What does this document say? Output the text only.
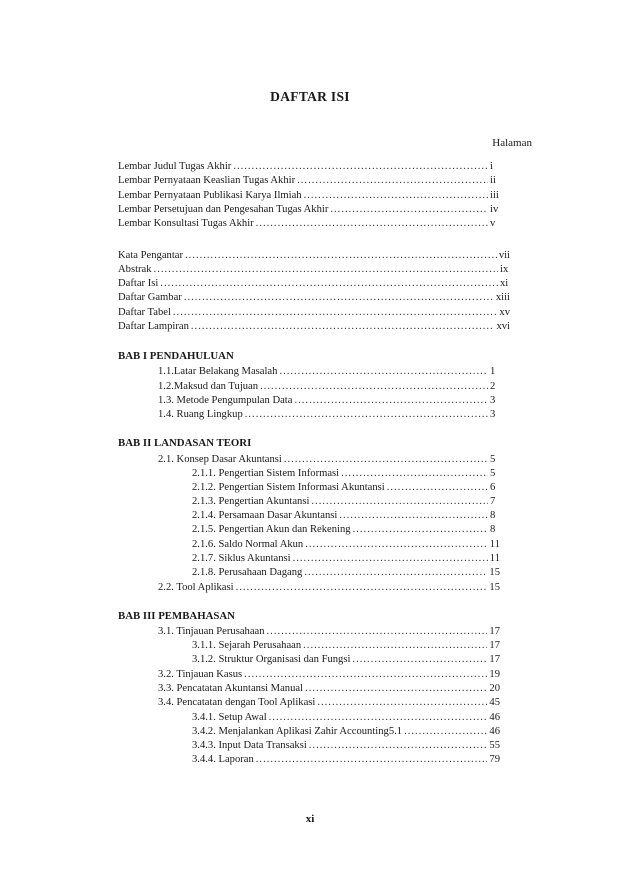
DAFTAR ISI
Halaman
Lembar Judul Tugas Akhir .....	i
Lembar Pernyataan Keaslian Tugas Akhir .....	ii
Lembar Pernyataan Publikasi Karya Ilmiah .....	iii
Lembar Persetujuan dan Pengesahan Tugas Akhir .....	iv
Lembar Konsultasi Tugas Akhir .....	v
Kata Pengantar .....	vii
Abstrak .....	ix
Daftar Isi .....	xi
Daftar Gambar .....	xiii
Daftar Tabel .....	xv
Daftar Lampiran .....	xvi
BAB I PENDAHULUAN
1.1.Latar Belakang Masalah .....	1
1.2.Maksud dan Tujuan .....	2
1.3. Metode Pengumpulan Data .....	3
1.4. Ruang Lingkup .....	3
BAB II LANDASAN TEORI
2.1. Konsep Dasar Akuntansi .....	5
2.1.1. Pengertian Sistem Informasi .....	5
2.1.2. Pengertian Sistem Informasi Akuntansi .....	6
2.1.3. Pengertian Akuntansi .....	7
2.1.4. Persamaan Dasar Akuntansi .....	8
2.1.5. Pengertian Akun dan Rekening .....	8
2.1.6. Saldo Normal Akun .....	11
2.1.7. Siklus Akuntansi .....	11
2.1.8. Perusahaan Dagang .....	15
2.2. Tool Aplikasi .....	15
BAB III PEMBAHASAN
3.1. Tinjauan Perusahaan .....	17
3.1.1. Sejarah Perusahaan .....	17
3.1.2. Struktur Organisasi dan Fungsi .....	17
3.2. Tinjauan Kasus .....	19
3.3. Pencatatan Akuntansi Manual .....	20
3.4. Pencatatan dengan Tool Aplikasi .....	45
3.4.1. Setup Awal .....	46
3.4.2. Menjalankan Aplikasi Zahir Accounting5.1 .....	46
3.4.3. Input Data Transaksi .....	55
3.4.4. Laporan .....	79
xi
